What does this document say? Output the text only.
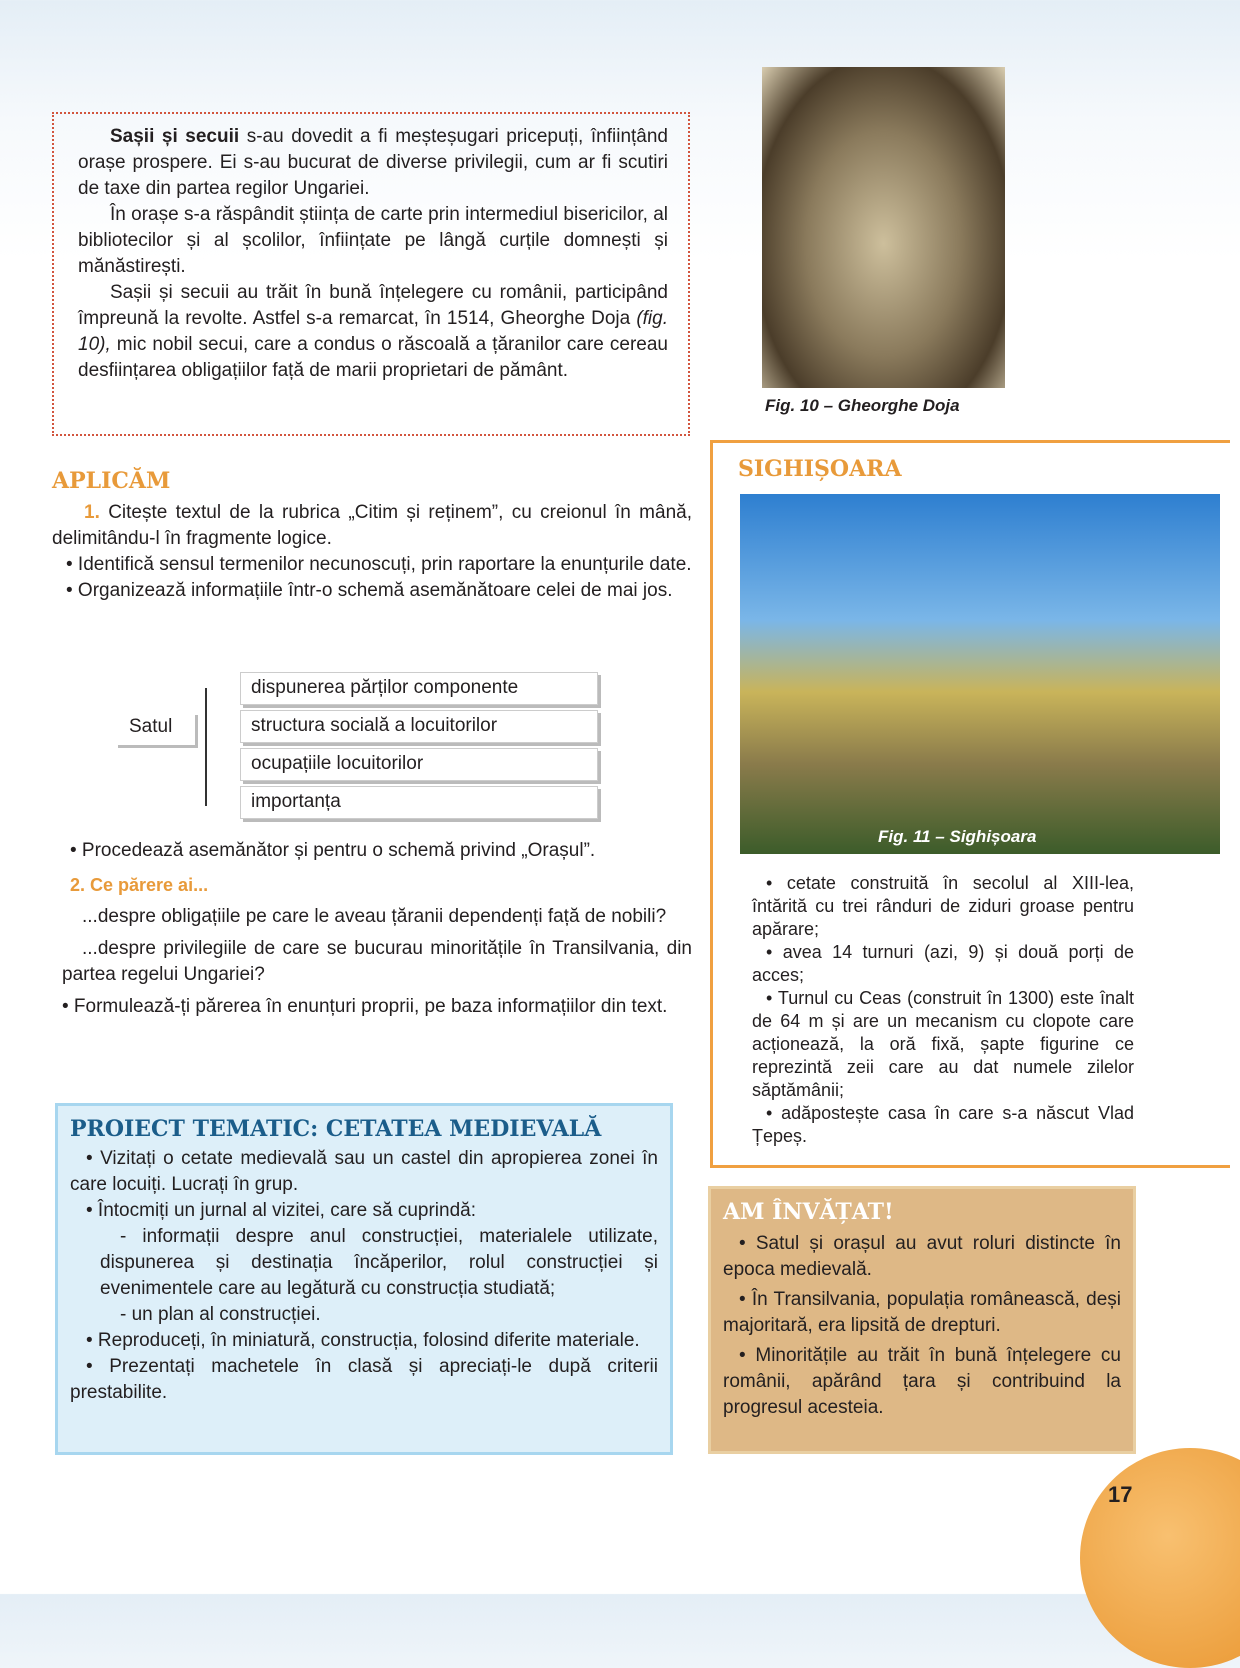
Sașii și secuii s-au dovedit a fi meșteșugari pricepuți, înființând orașe prospere. Ei s-au bucurat de diverse privilegii, cum ar fi scutiri de taxe din partea regilor Ungariei.

În orașe s-a răspândit știința de carte prin intermediul bisericilor, al bibliotecilor și al școlilor, înființate pe lângă curțile domnești și mănăstirești.

Sașii și secuii au trăit în bună înțelegere cu românii, participând împreună la revolte. Astfel s-a remarcat, în 1514, Gheorghe Doja (fig. 10), mic nobil secui, care a condus o răscoală a țăranilor care cereau desființarea obligațiilor față de marii proprietari de pământ.

Fig. 10 – Gheorghe Doja
APLICĂM

1. Citește textul de la rubrica „Citim și reținem”, cu creionul în mână, delimitându-l în fragmente logice.

• Identifică sensul termenilor necunoscuți, prin raportare la enunțurile date.

• Organizează informațiile într-o schemă asemănătoare celei de mai jos.

Satul
dispunerea părților componente
structura socială a locuitorilor
ocupațiile locuitorilor
importanța

• Procedează asemănător și pentru o schemă privind „Orașul”.

2. Ce părere ai...

...despre obligațiile pe care le aveau țăranii dependenți față de nobili?

...despre privilegiile de care se bucurau minoritățile în Transilvania, din partea regelui Ungariei?

• Formulează-ți părerea în enunțuri proprii, pe baza informațiilor din text.

SIGHIȘOARA
Fig. 11 – Sighișoara

• cetate construită în secolul al XIII-lea, întărită cu trei rânduri de ziduri groase pentru apărare;

• avea 14 turnuri (azi, 9) și două porți de acces;

• Turnul cu Ceas (construit în 1300) este înalt de 64 m și are un mecanism cu clopote care acționează, la oră fixă, șapte figurine ce reprezintă zeii care au dat numele zilelor săptămânii;

• adăpostește casa în care s-a născut Vlad Țepeș.

PROIECT TEMATIC: CETATEA MEDIEVALĂ

• Vizitați o cetate medievală sau un castel din apropierea zonei în care locuiți. Lucrați în grup.

• Întocmiți un jurnal al vizitei, care să cuprindă:

- informații despre anul construcției, materialele utilizate, dispunerea și destinația încăperilor, rolul construcției și evenimentele care au legătură cu construcția studiată;

- un plan al construcției.

• Reproduceți, în miniatură, construcția, folosind diferite materiale.

• Prezentați machetele în clasă și apreciați-le după criterii prestabilite.

AM ÎNVĂȚAT!

• Satul și orașul au avut roluri distincte în epoca medievală.

• În Transilvania, populația românească, deși majoritară, era lipsită de drepturi.

• Minoritățile au trăit în bună înțelegere cu românii, apărând țara și contribuind la progresul acesteia.

17
